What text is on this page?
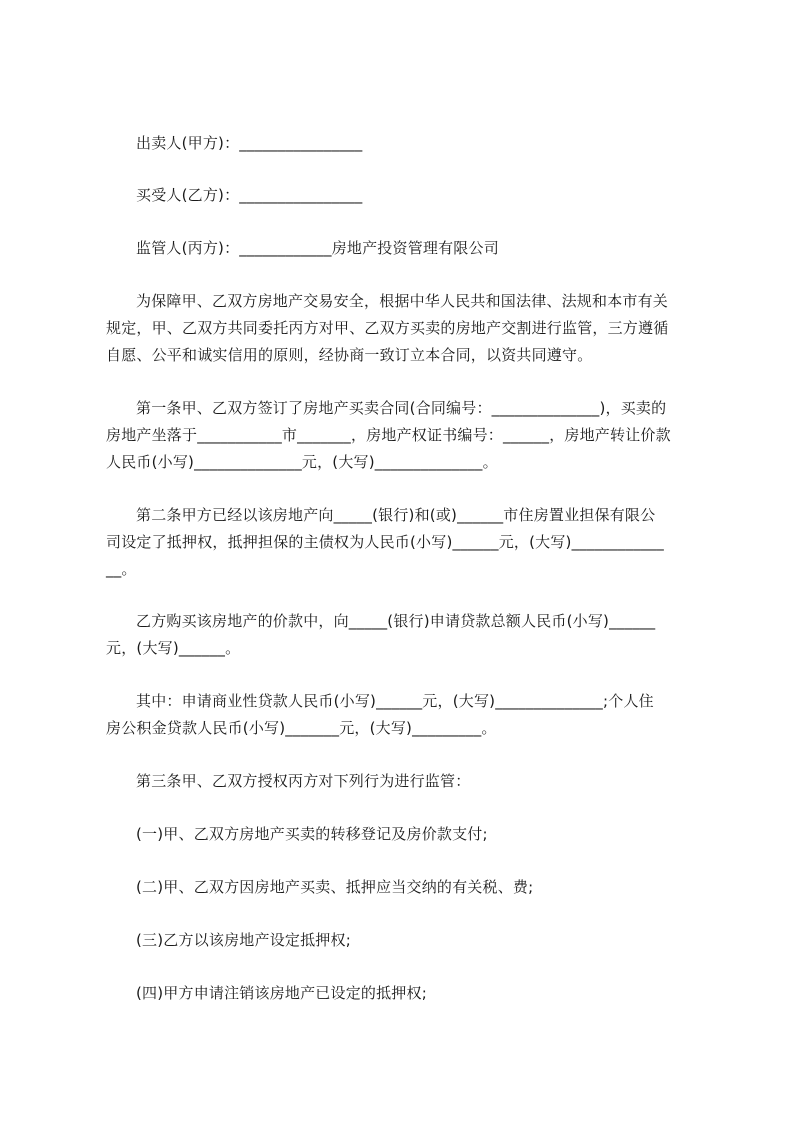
出卖人(甲方)：________________
买受人(乙方)：________________
监管人(丙方)：____________房地产投资管理有限公司
为保障甲、乙双方房地产交易安全，根据中华人民共和国法律、法规和本市有关
规定，甲、乙双方共同委托丙方对甲、乙双方买卖的房地产交割进行监管，三方遵循
自愿、公平和诚实信用的原则，经协商一致订立本合同，以资共同遵守。
第一条甲、乙双方签订了房地产买卖合同(合同编号：______________)，买卖的
房地产坐落于___________市_______，房地产权证书编号：______，房地产转让价款
人民币(小写)______________元，(大写)______________。
第二条甲方已经以该房地产向_____(银行)和(或)______市住房置业担保有限公
司设定了抵押权，抵押担保的主债权为人民币(小写)______元，(大写)____________
__。
乙方购买该房地产的价款中，向_____(银行)申请贷款总额人民币(小写)______
元，(大写)______。
其中：申请商业性贷款人民币(小写)______元，(大写)______________;个人住
房公积金贷款人民币(小写)_______元，(大写)_________。
第三条甲、乙双方授权丙方对下列行为进行监管：
(一)甲、乙双方房地产买卖的转移登记及房价款支付;
(二)甲、乙双方因房地产买卖、抵押应当交纳的有关税、费;
(三)乙方以该房地产设定抵押权;
(四)甲方申请注销该房地产已设定的抵押权;
